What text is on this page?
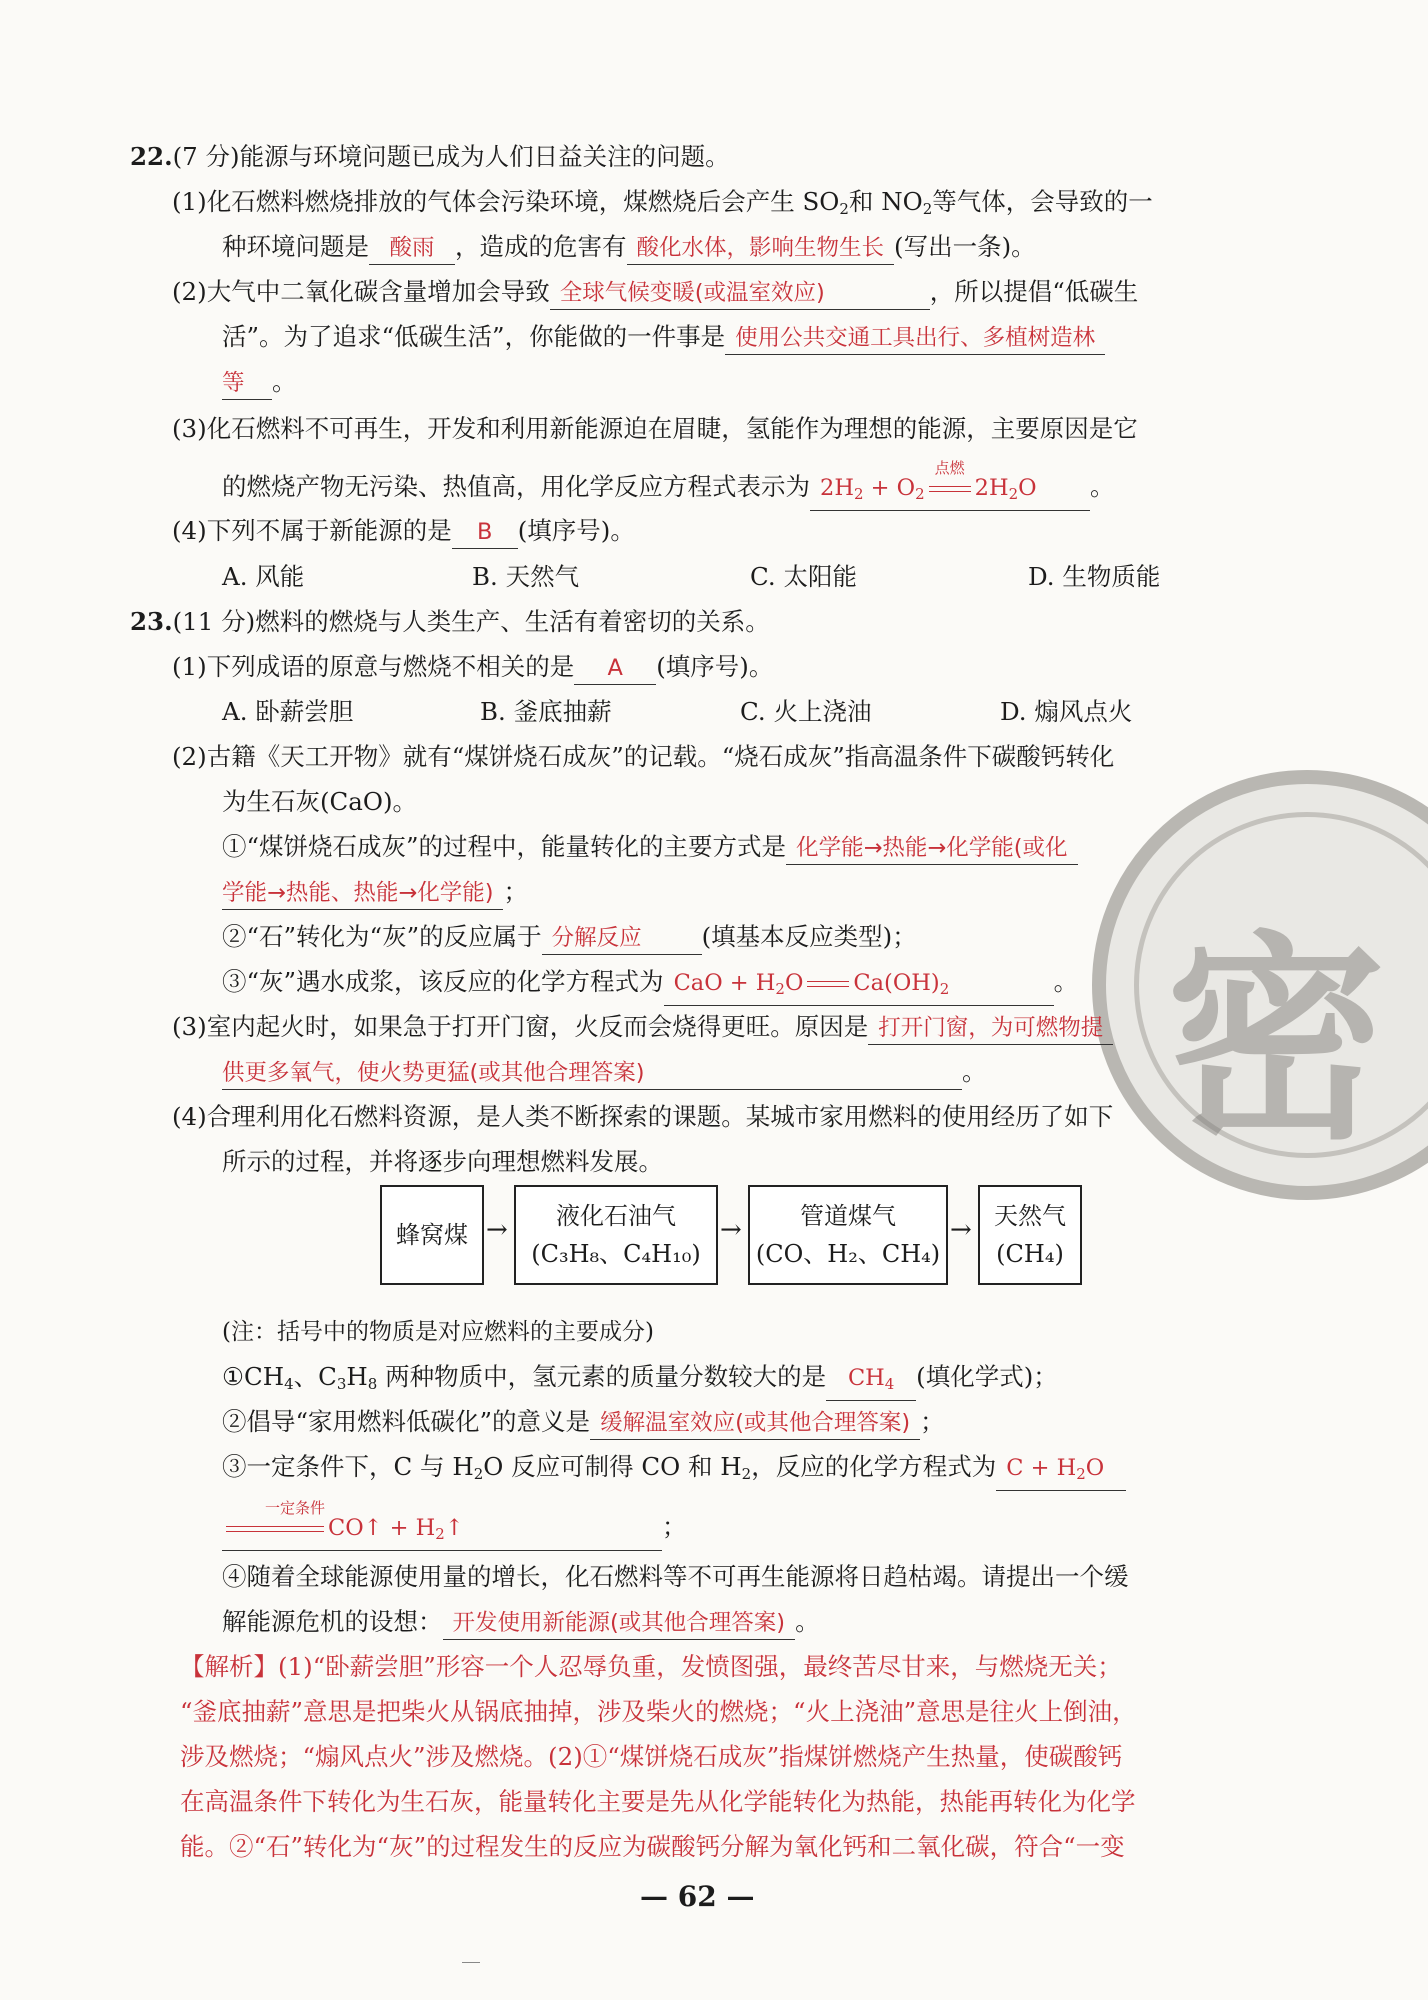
密
22.(7 分)能源与环境问题已成为人们日益关注的问题。
(1)化石燃料燃烧排放的气体会污染环境，煤燃烧后会产生 $SO_2$和 $NO_2$等气体，会导致的一
种环境问题是 酸雨 ，造成的危害有 酸化水体，影响生物生长 (写出一条)。
(2)大气中二氧化碳含量增加会导致 全球气候变暖(或温室效应)	，所以提倡“低碳生
活”。为了追求“低碳生活”，你能做的一件事是 使用公共交通工具出行、多植树造林
等 。
(3)化石燃料不可再生，开发和利用新能源迫在眉睫，氢能作为理想的能源，主要原因是它
的燃烧产物无污染、热值高，用化学反应方程式表示为 $2H_2 + O_2$
点燃
$2H_2O$ 。
(4)下列不属于新能源的是 B (填序号)。
A. 风能	B. 天然气	C. 太阳能	D. 生物质能
23.(11 分)燃料的燃烧与人类生产、生活有着密切的关系。
(1)下列成语的原意与燃烧不相关的是 A (填序号)。
A. 卧薪尝胆	B. 釜底抽薪	C. 火上浇油	D. 煽风点火
(2)古籍《天工开物》就有“煤饼烧石成灰”的记载。“烧石成灰”指高温条件下碳酸钙转化
为生石灰(CaO)。
①“煤饼烧石成灰”的过程中，能量转化的主要方式是 化学能→热能→化学能(或化
学能→热能、热能→化学能) ；
②“石”转化为“灰”的反应属于 分解反应 (填基本反应类型)；
③“灰”遇水成浆，该反应的化学方程式为 CaO + $H_2O$ $Ca(OH)_2$	。
(3)室内起火时，如果急于打开门窗，火反而会烧得更旺。原因是 打开门窗，为可燃物提
供更多氧气，使火势更猛(或其他合理答案)	。
(4)合理利用化石燃料资源，是人类不断探索的课题。某城市家用燃料的使用经历了如下
所示的过程，并将逐步向理想燃料发展。
蜂窝煤 → 液化石油气
(C₃H₈、C₄H₁₀)
→ 管道煤气
(CO、H₂、CH₄)
→ 天然气
(CH₄)
(注：括号中的物质是对应燃料的主要成分)
$①CH_4$、$C_3H_8$ 两种物质中，氢元素的质量分数较大的是 $CH_4$ (填化学式)；
②倡导“家用燃料低碳化”的意义是 缓解温室效应(或其他合理答案) ；
③一定条件下，C 与 $H_2O$ 反应可制得 CO 和 $H_2$，反应的化学方程式为 $C + H_2O$
一定条件
CO↑ + $H_2↑$	；
④随着全球能源使用量的增长，化石燃料等不可再生能源将日趋枯竭。请提出一个缓
解能源危机的设想： 开发使用新能源(或其他合理答案) 。
【解析】(1)“卧薪尝胆”形容一个人忍辱负重，发愤图强，最终苦尽甘来，与燃烧无关；
“釜底抽薪”意思是把柴火从锅底抽掉，涉及柴火的燃烧；“火上浇油”意思是往火上倒油，
涉及燃烧；“煽风点火”涉及燃烧。(2)①“煤饼烧石成灰”指煤饼燃烧产生热量，使碳酸钙
在高温条件下转化为生石灰，能量转化主要是先从化学能转化为热能，热能再转化为化学
能。②“石”转化为“灰”的过程发生的反应为碳酸钙分解为氧化钙和二氧化碳，符合“一变
— 62 —
